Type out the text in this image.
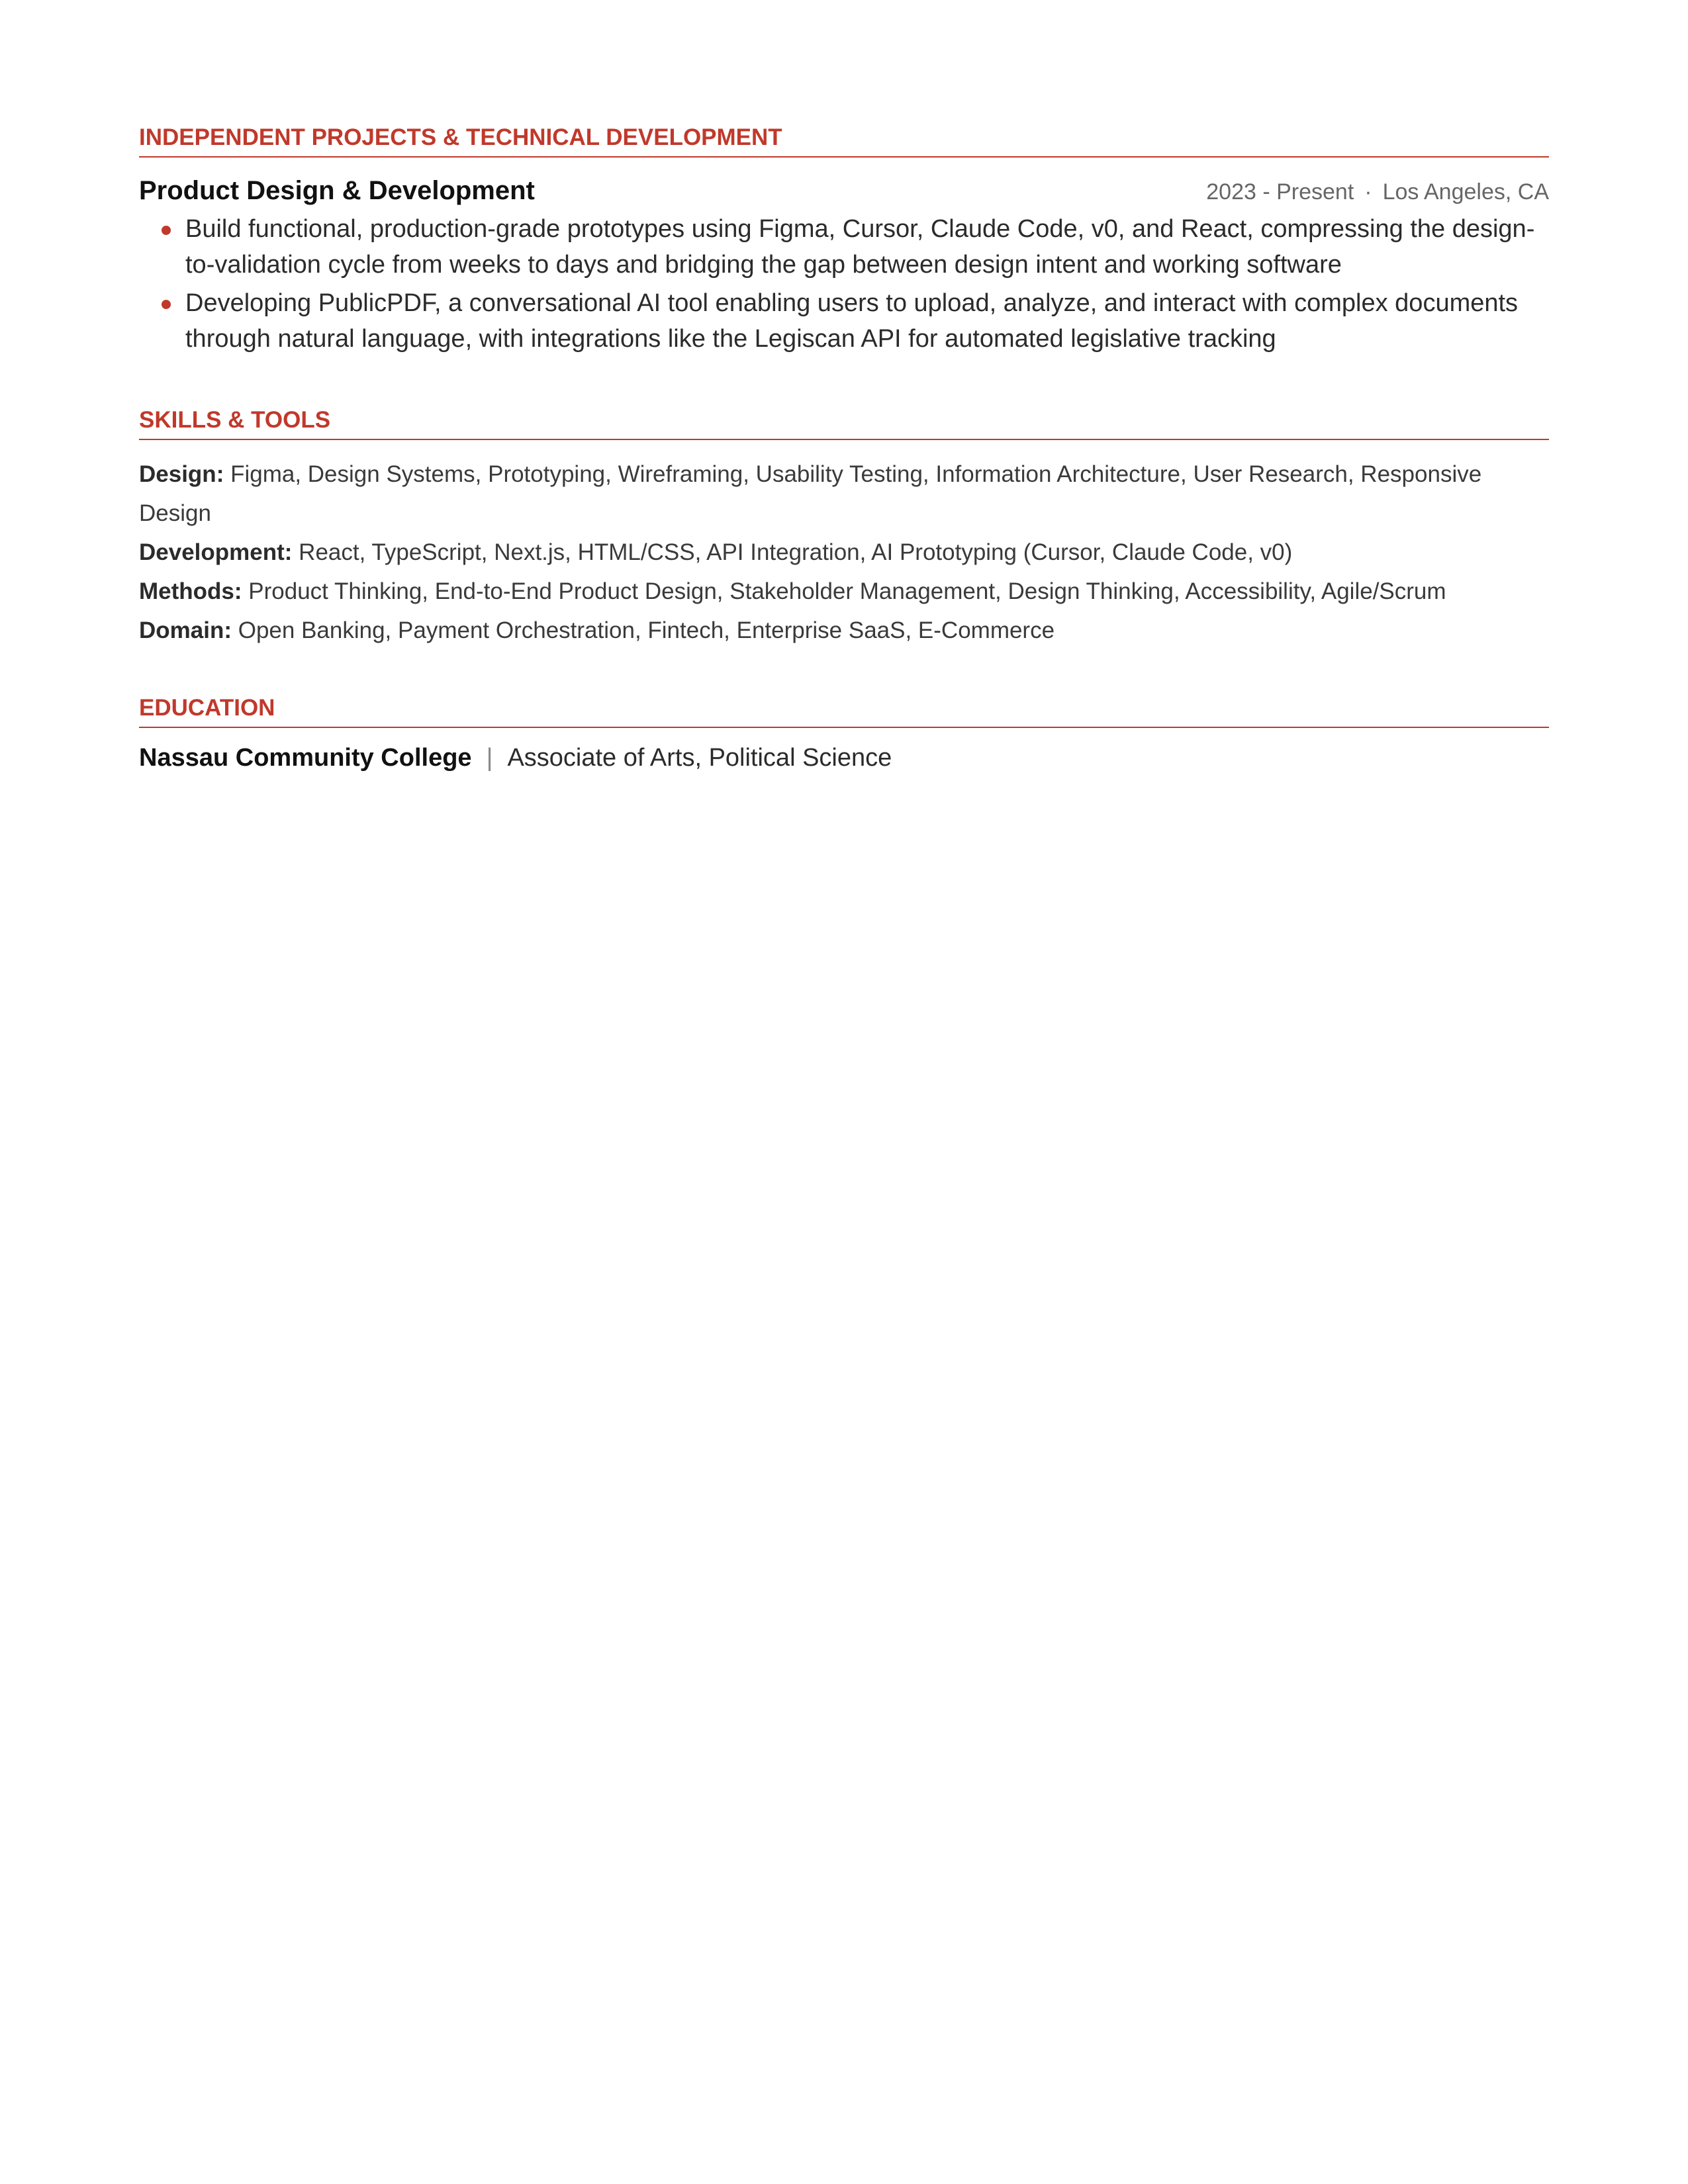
INDEPENDENT PROJECTS & TECHNICAL DEVELOPMENT
Product Design & Development	2023 - Present · Los Angeles, CA
Build functional, production-grade prototypes using Figma, Cursor, Claude Code, v0, and React, compressing the design-to-validation cycle from weeks to days and bridging the gap between design intent and working software
Developing PublicPDF, a conversational AI tool enabling users to upload, analyze, and interact with complex documents through natural language, with integrations like the Legiscan API for automated legislative tracking
SKILLS & TOOLS
Design: Figma, Design Systems, Prototyping, Wireframing, Usability Testing, Information Architecture, User Research, Responsive Design
Development: React, TypeScript, Next.js, HTML/CSS, API Integration, AI Prototyping (Cursor, Claude Code, v0)
Methods: Product Thinking, End-to-End Product Design, Stakeholder Management, Design Thinking, Accessibility, Agile/Scrum
Domain: Open Banking, Payment Orchestration, Fintech, Enterprise SaaS, E-Commerce
EDUCATION
Nassau Community College | Associate of Arts, Political Science
